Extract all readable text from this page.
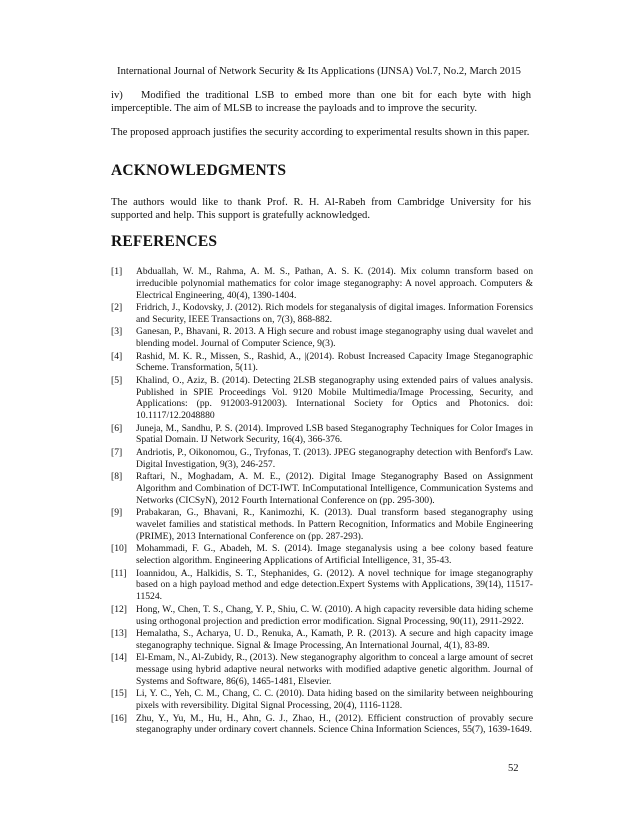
International Journal of Network Security & Its Applications (IJNSA) Vol.7, No.2, March 2015

iv) Modified the traditional LSB to embed more than one bit for each byte with high imperceptible. The aim of MLSB to increase the payloads and to improve the security.

The proposed approach justifies the security according to experimental results shown in this paper.

ACKNOWLEDGMENTS

The authors would like to thank Prof. R. H. Al-Rabeh from Cambridge University for his supported and help. This support is gratefully acknowledged.

REFERENCES
[1] Abduallah, W. M., Rahma, A. M. S., Pathan, A. S. K. (2014). Mix column transform based on irreducible polynomial mathematics for color image steganography: A novel approach. Computers & Electrical Engineering, 40(4), 1390-1404.
[2] Fridrich, J., Kodovsky, J. (2012). Rich models for steganalysis of digital images. Information Forensics and Security, IEEE Transactions on, 7(3), 868-882.
[3] Ganesan, P., Bhavani, R. 2013. A High secure and robust image steganography using dual wavelet and blending model. Journal of Computer Science, 9(3).
[4] Rashid, M. K. R., Missen, S., Rashid, A., |(2014). Robust Increased Capacity Image Steganographic Scheme. Transformation, 5(11).
[5] Khalind, O., Aziz, B. (2014). Detecting 2LSB steganography using extended pairs of values analysis. Published in SPIE Proceedings Vol. 9120 Mobile Multimedia/Image Processing, Security, and Applications: (pp. 912003-912003). International Society for Optics and Photonics. doi: 10.1117/12.2048880
[6] Juneja, M., Sandhu, P. S. (2014). Improved LSB based Steganography Techniques for Color Images in Spatial Domain. IJ Network Security, 16(4), 366-376.
[7] Andriotis, P., Oikonomou, G., Tryfonas, T. (2013). JPEG steganography detection with Benford's Law. Digital Investigation, 9(3), 246-257.
[8] Raftari, N., Moghadam, A. M. E., (2012). Digital Image Steganography Based on Assignment Algorithm and Combination of DCT-IWT. InComputational Intelligence, Communication Systems and Networks (CICSyN), 2012 Fourth International Conference on (pp. 295-300).
[9] Prabakaran, G., Bhavani, R., Kanimozhi, K. (2013). Dual transform based steganography using wavelet families and statistical methods. In Pattern Recognition, Informatics and Mobile Engineering (PRIME), 2013 International Conference on (pp. 287-293).
[10] Mohammadi, F. G., Abadeh, M. S. (2014). Image steganalysis using a bee colony based feature selection algorithm. Engineering Applications of Artificial Intelligence, 31, 35-43.
[11] Ioannidou, A., Halkidis, S. T., Stephanides, G. (2012). A novel technique for image steganography based on a high payload method and edge detection.Expert Systems with Applications, 39(14), 11517-11524.
[12] Hong, W., Chen, T. S., Chang, Y. P., Shiu, C. W. (2010). A high capacity reversible data hiding scheme using orthogonal projection and prediction error modification. Signal Processing, 90(11), 2911-2922.
[13] Hemalatha, S., Acharya, U. D., Renuka, A., Kamath, P. R. (2013). A secure and high capacity image steganography technique. Signal & Image Processing, An International Journal, 4(1), 83-89.
[14] El-Emam, N., Al-Zubidy, R., (2013). New steganography algorithm to conceal a large amount of secret message using hybrid adaptive neural networks with modified adaptive genetic algorithm. Journal of Systems and Software, 86(6), 1465-1481, Elsevier.
[15] Li, Y. C., Yeh, C. M., Chang, C. C. (2010). Data hiding based on the similarity between neighbouring pixels with reversibility. Digital Signal Processing, 20(4), 1116-1128.
[16] Zhu, Y., Yu, M., Hu, H., Ahn, G. J., Zhao, H., (2012). Efficient construction of provably secure steganography under ordinary covert channels. Science China Information Sciences, 55(7), 1639-1649.
52
